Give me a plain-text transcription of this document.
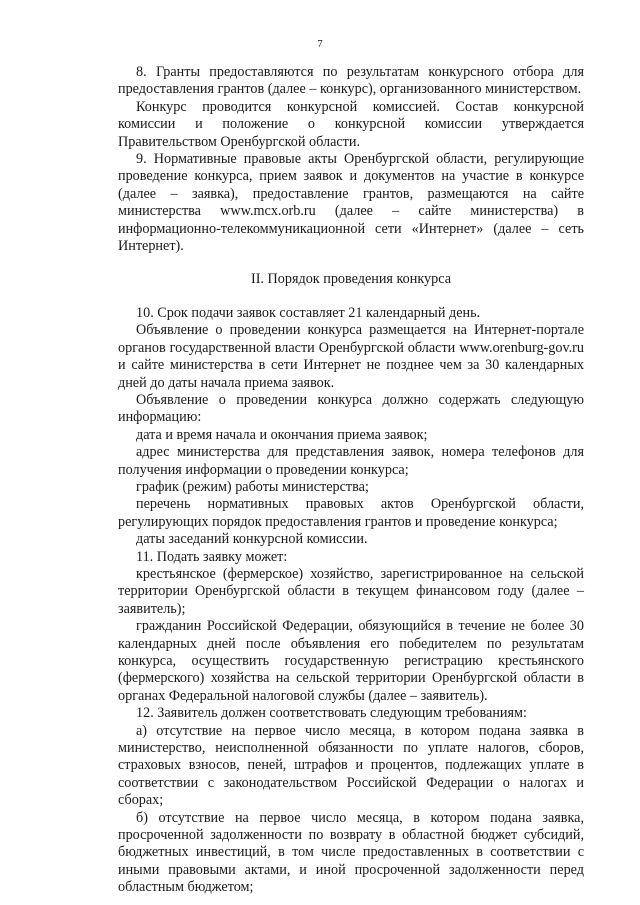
7

8. Гранты предоставляются по результатам конкурсного отбора для предоставления грантов (далее – конкурс), организованного министерством.

Конкурс проводится конкурсной комиссией. Состав конкурсной комиссии и положение о конкурсной комиссии утверждается Правительством Оренбургской области.

9. Нормативные правовые акты Оренбургской области, регулирующие проведение конкурса, прием заявок и документов на участие в конкурсе (далее – заявка), предоставление грантов, размещаются на сайте министерства www.mcx.orb.ru (далее – сайте министерства) в информационно-телекоммуникационной сети «Интернет» (далее – сеть Интернет).

II. Порядок проведения конкурса

10. Срок подачи заявок составляет 21 календарный день.

Объявление о проведении конкурса размещается на Интернет-портале органов государственной власти Оренбургской области www.orenburg-gov.ru и сайте министерства в сети Интернет не позднее чем за 30 календарных дней до даты начала приема заявок.

Объявление о проведении конкурса должно содержать следующую информацию:

дата и время начала и окончания приема заявок;

адрес министерства для представления заявок, номера телефонов для получения информации о проведении конкурса;

график (режим) работы министерства;

перечень нормативных правовых актов Оренбургской области, регулирующих порядок предоставления грантов и проведение конкурса;

даты заседаний конкурсной комиссии.

11. Подать заявку может:

крестьянское (фермерское) хозяйство, зарегистрированное на сельской территории Оренбургской области в текущем финансовом году (далее – заявитель);

гражданин Российской Федерации, обязующийся в течение не более 30 календарных дней после объявления его победителем по результатам конкурса, осуществить государственную регистрацию крестьянского (фермерского) хозяйства на сельской территории Оренбургской области в органах Федеральной налоговой службы (далее – заявитель).

12. Заявитель должен соответствовать следующим требованиям:

а) отсутствие на первое число месяца, в котором подана заявка в министерство, неисполненной обязанности по уплате налогов, сборов, страховых взносов, пеней, штрафов и процентов, подлежащих уплате в соответствии с законодательством Российской Федерации о налогах и сборах;

б) отсутствие на первое число месяца, в котором подана заявка, просроченной задолженности по возврату в областной бюджет субсидий, бюджетных инвестиций, в том числе предоставленных в соответствии с иными правовыми актами, и иной просроченной задолженности перед областным бюджетом;
